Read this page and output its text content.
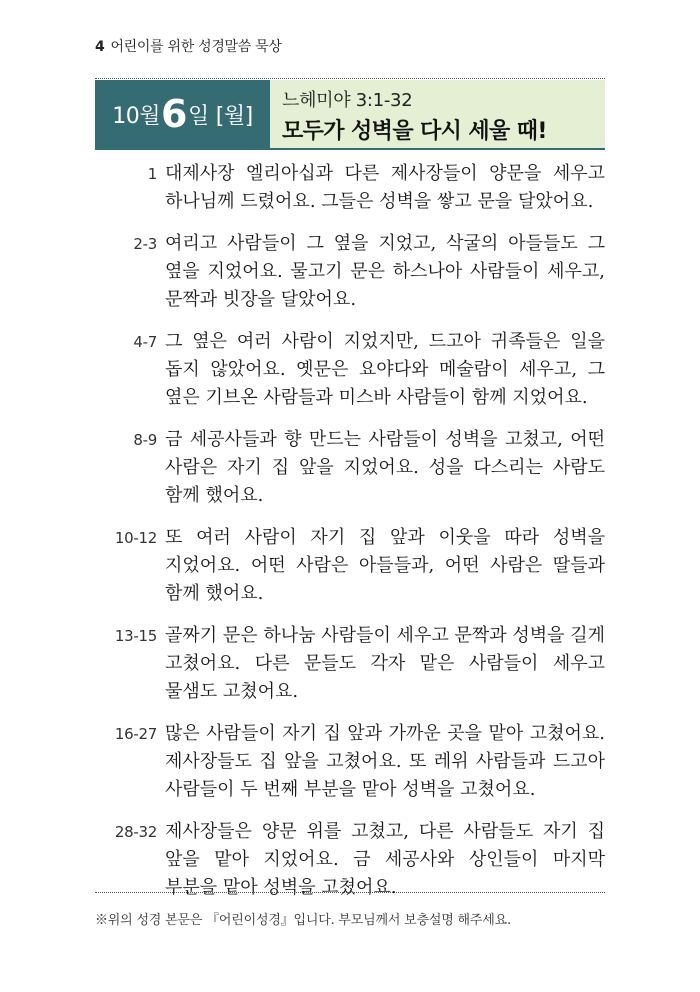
4 어린이를 위한 성경말씀 묵상
10월 6 일 [월]
느헤미야 3:1-32
모두가 성벽을 다시 세울 때!
1 대제사장 엘리아십과 다른 제사장들이 양문을 세우고 하나님께 드렸어요. 그들은 성벽을 쌓고 문을 달았어요.
2-3 여리고 사람들이 그 옆을 지었고, 삭굴의 아들들도 그 옆을 지었어요. 물고기 문은 하스나아 사람들이 세우고, 문짝과 빗장을 달았어요.
4-7 그 옆은 여러 사람이 지었지만, 드고아 귀족들은 일을 돕지 않았어요. 옛문은 요야다와 메술람이 세우고, 그 옆은 기브온 사람들과 미스바 사람들이 함께 지었어요.
8-9 금 세공사들과 향 만드는 사람들이 성벽을 고쳤고, 어떤 사람은 자기 집 앞을 지었어요. 성을 다스리는 사람도 함께 했어요.
10-12 또 여러 사람이 자기 집 앞과 이웃을 따라 성벽을 지었어요. 어떤 사람은 아들들과, 어떤 사람은 딸들과 함께 했어요.
13-15 골짜기 문은 하나눔 사람들이 세우고 문짝과 성벽을 길게 고쳤어요. 다른 문들도 각자 맡은 사람들이 세우고 물샘도 고쳤어요.
16-27 많은 사람들이 자기 집 앞과 가까운 곳을 맡아 고쳤어요. 제사장들도 집 앞을 고쳤어요. 또 레위 사람들과 드고아 사람들이 두 번째 부분을 맡아 성벽을 고쳤어요.
28-32 제사장들은 양문 위를 고쳤고, 다른 사람들도 자기 집 앞을 맡아 지었어요. 금 세공사와 상인들이 마지막 부분을 맡아 성벽을 고쳤어요.
※위의 성경 본문은 『어린이성경』입니다. 부모님께서 보충설명 해주세요.
